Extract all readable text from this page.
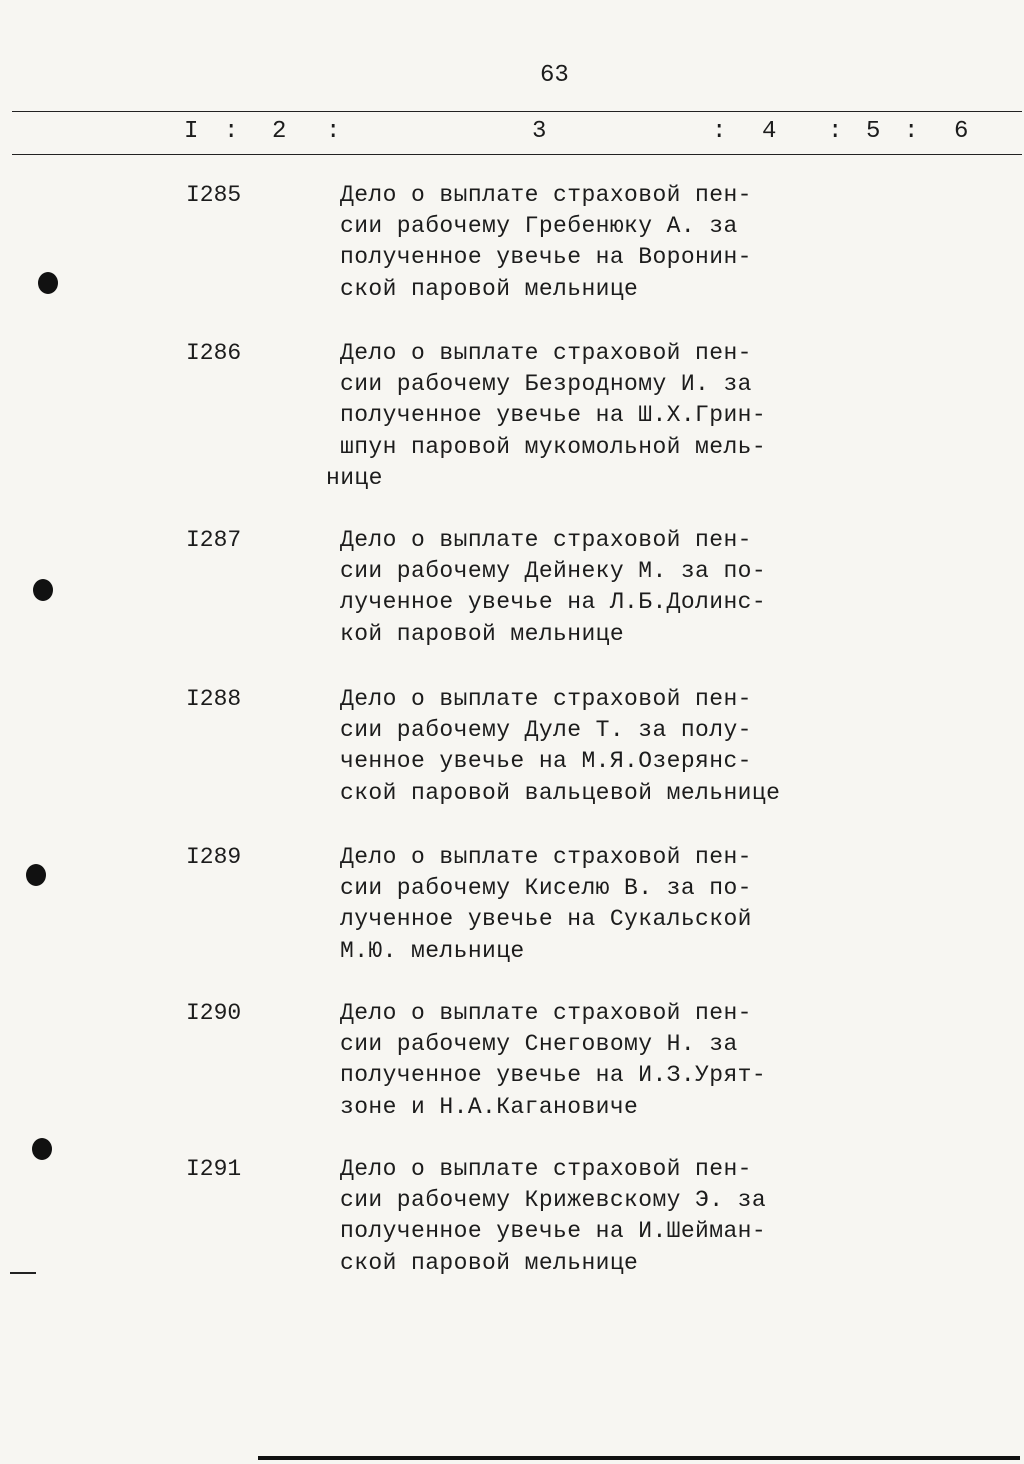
63
I : 2 :	3	: 4 : 5 : 6
I285	Дело о выплате страховой пен-
сии рабочему Гребенюку А. за
полученное увечье на Воронин-
ской паровой мельнице
I286	Дело о выплате страховой пен-
сии рабочему Безродному И. за
полученное увечье на Ш.Х.Грин-
шпун паровой мукомольной мель-
нице
I287	Дело о выплате страховой пен-
сии рабочему Дейнеку М. за по-
лученное увечье на Л.Б.Долинс-
кой паровой мельнице
I288	Дело о выплате страховой пен-
сии рабочему Дуле Т. за полу-
ченное увечье на М.Я.Озерянс-
ской паровой вальцевой мельнице
I289	Дело о выплате страховой пен-
сии рабочему Киселю В. за по-
лученное увечье на Сукальской
М.Ю. мельнице
I290	Дело о выплате страховой пен-
сии рабочему Снеговому Н. за
полученное увечье на И.З.Урят-
зоне и Н.А.Кагановиче
I291	Дело о выплате страховой пен-
сии рабочему Крижевскому Э. за
полученное увечье на И.Шейман-
ской паровой мельнице
